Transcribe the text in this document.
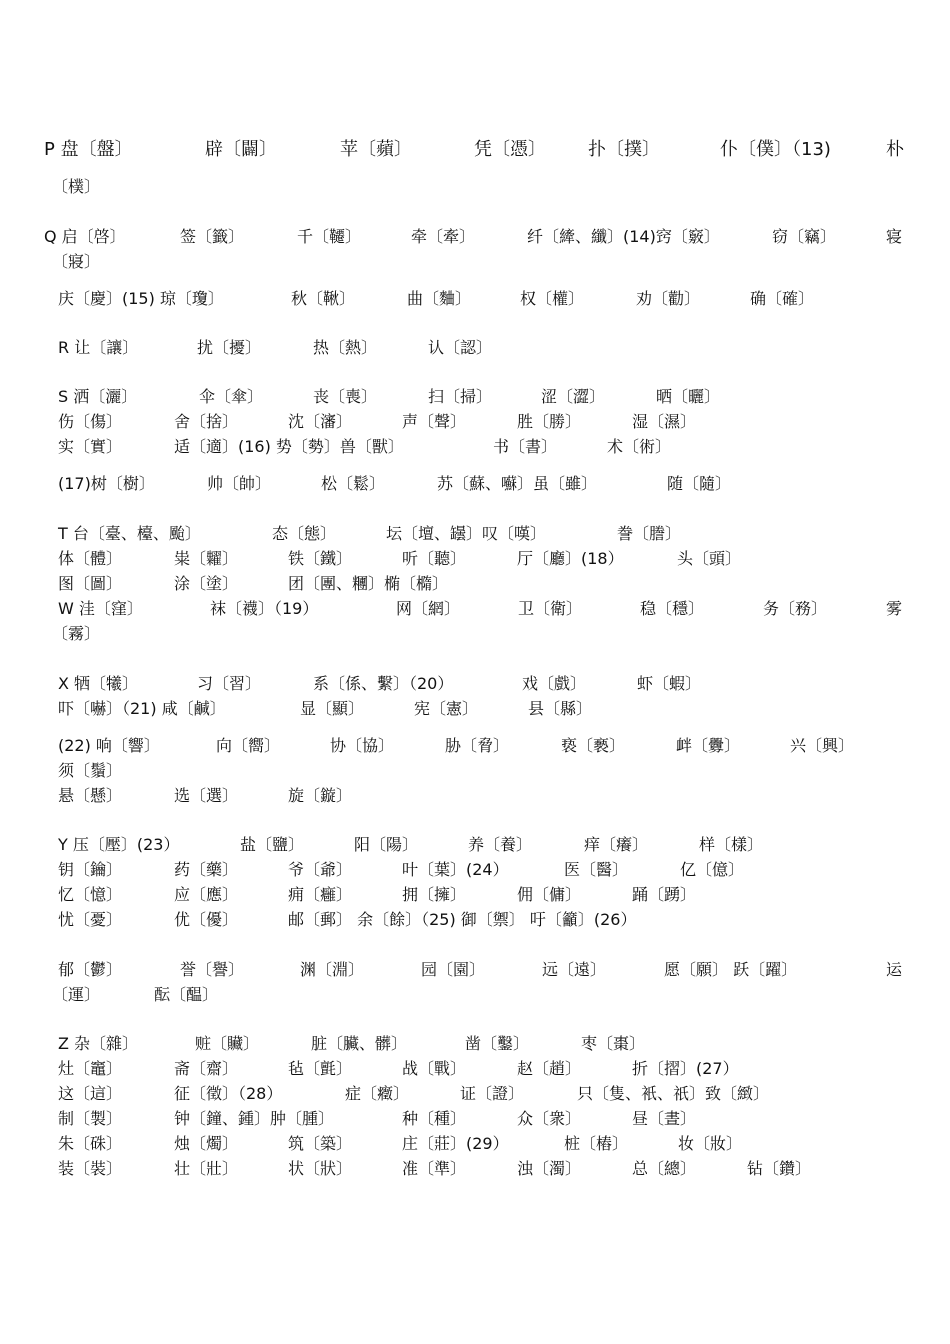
P 盘〔盤〕	辟〔闢〕	苹〔蘋〕	凭〔憑〕 扑〔撲〕	仆〔僕〕（13)	朴
〔樸〕
Q 启〔啓〕	签〔籤〕	千〔韆〕	牵〔牽〕	纤〔縴、纖〕(14)窍〔竅〕	窃〔竊〕	寝
〔寢〕
庆〔慶〕(15) 琼〔瓊〕	秋〔鞦〕	曲〔麯〕	权〔權〕	劝〔勸〕	确〔確〕
R 让〔讓〕	扰〔擾〕	热〔熱〕	认〔認〕
S 洒〔灑〕	伞〔傘〕	丧〔喪〕	扫〔掃〕	涩〔澀〕	晒〔曬〕
伤〔傷〕	舍〔捨〕	沈〔瀋〕	声〔聲〕	胜〔勝〕	湿〔濕〕
实〔實〕	适〔適〕(16) 势〔勢〕兽〔獸〕	书〔書〕	术〔術〕
(17)树〔樹〕	帅〔帥〕	松〔鬆〕	苏〔蘇、囌〕虽〔雖〕	随〔隨〕
T 台〔臺、檯、颱〕	态〔態〕	坛〔壇、罎〕叹〔嘆〕	誊〔謄〕
体〔體〕	粜〔糶〕	铁〔鐵〕	听〔聽〕	厅〔廳〕(18）	头〔頭〕
图〔圖〕	涂〔塗〕	团〔團、糰〕椭〔橢〕
W 洼〔窪〕	袜〔襪〕（19）	网〔網〕	卫〔衛〕	稳〔穩〕	务〔務〕	雾
〔霧〕
X 牺〔犧〕	习〔習〕	系〔係、繫〕（20）	戏〔戲〕	虾〔蝦〕
吓〔嚇〕（21) 咸〔鹹〕	显〔顯〕	宪〔憲〕	县〔縣〕
(22) 响〔響〕	向〔嚮〕	协〔協〕	胁〔脅〕	亵〔褻〕	衅〔釁〕	兴〔興〕
须〔鬚〕
悬〔懸〕	选〔選〕	旋〔鏇〕
Y 压〔壓〕(23）	盐〔鹽〕	阳〔陽〕	养〔養〕	痒〔癢〕	样〔樣〕
钥〔鑰〕	药〔藥〕	爷〔爺〕	叶〔葉〕(24）	医〔醫〕	亿〔億〕
忆〔憶〕	应〔應〕	痈〔癰〕	拥〔擁〕	佣〔傭〕	踊〔踴〕
忧〔憂〕	优〔優〕	邮〔郵〕 余〔餘〕（25) 御〔禦〕 吁〔籲〕(26）
郁〔鬱〕	誉〔譽〕	渊〔淵〕	园〔園〕	远〔遠〕	愿〔願〕 跃〔躍〕	运
〔運〕	酝〔醖〕
Z 杂〔雜〕	赃〔贜〕	脏〔臟、髒〕	凿〔鑿〕	枣〔棗〕
灶〔竈〕	斋〔齋〕	毡〔氈〕	战〔戰〕	赵〔趙〕	折〔摺〕(27）
这〔這〕	征〔徵〕（28）	症〔癥〕	证〔證〕	只〔隻、衹、祇〕致〔緻〕
制〔製〕	钟〔鐘、鍾〕肿〔腫〕	种〔種〕	众〔衆〕	昼〔晝〕
朱〔硃〕	烛〔燭〕	筑〔築〕	庄〔莊〕(29）	桩〔樁〕	妆〔妝〕
装〔裝〕	壮〔壯〕	状〔狀〕	准〔準〕	浊〔濁〕	总〔總〕	钻〔鑽〕
